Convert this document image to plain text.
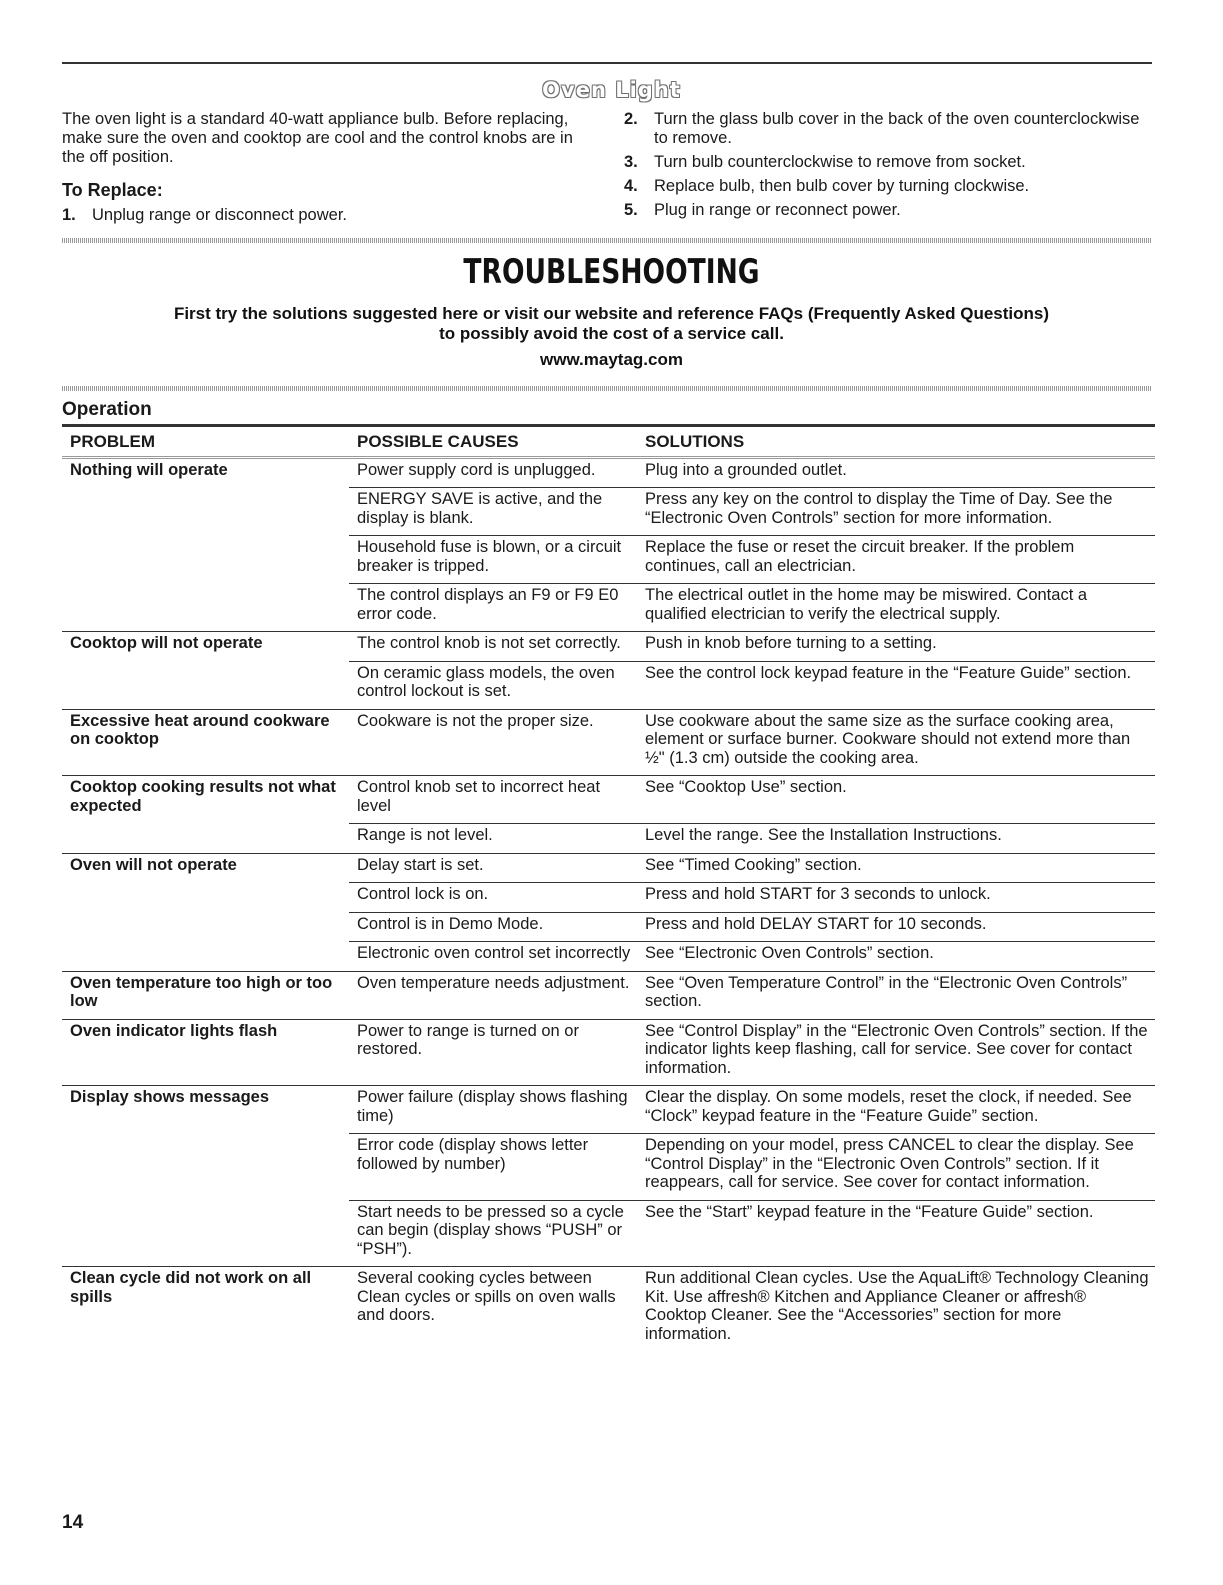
Oven Light

The oven light is a standard 40-watt appliance bulb. Before replacing, make sure the oven and cooktop are cool and the control knobs are in the off position.

To Replace:
1. Unplug range or disconnect power.
2. Turn the glass bulb cover in the back of the oven counterclockwise to remove.
3. Turn bulb counterclockwise to remove from socket.
4. Replace bulb, then bulb cover by turning clockwise.
5. Plug in range or reconnect power.
TROUBLESHOOTING
First try the solutions suggested here or visit our website and reference FAQs (Frequently Asked Questions)
to possibly avoid the cost of a service call.
www.maytag.com
Operation
PROBLEM	POSSIBLE CAUSES	SOLUTIONS
Nothing will operate	Power supply cord is unplugged.	Plug into a grounded outlet.
	ENERGY SAVE is active, and the display is blank.	Press any key on the control to display the Time of Day. See the “Electronic Oven Controls” section for more information.
	Household fuse is blown, or a circuit breaker is tripped.	Replace the fuse or reset the circuit breaker. If the problem continues, call an electrician.
	The control displays an F9 or F9 E0 error code.	The electrical outlet in the home may be miswired. Contact a qualified electrician to verify the electrical supply.
Cooktop will not operate	The control knob is not set correctly.	Push in knob before turning to a setting.
	On ceramic glass models, the oven control lockout is set.	See the control lock keypad feature in the “Feature Guide” section.
Excessive heat around cookware on cooktop	Cookware is not the proper size.	Use cookware about the same size as the surface cooking area, element or surface burner. Cookware should not extend more than ½" (1.3 cm) outside the cooking area.
Cooktop cooking results not what expected	Control knob set to incorrect heat level	See “Cooktop Use” section.
	Range is not level.	Level the range. See the Installation Instructions.
Oven will not operate	Delay start is set.	See “Timed Cooking” section.
	Control lock is on.	Press and hold START for 3 seconds to unlock.
	Control is in Demo Mode.	Press and hold DELAY START for 10 seconds.
	Electronic oven control set incorrectly	See “Electronic Oven Controls” section.
Oven temperature too high or too low	Oven temperature needs adjustment.	See “Oven Temperature Control” in the “Electronic Oven Controls” section.
Oven indicator lights flash	Power to range is turned on or restored.	See “Control Display” in the “Electronic Oven Controls” section. If the indicator lights keep flashing, call for service. See cover for contact information.
Display shows messages	Power failure (display shows flashing time)	Clear the display. On some models, reset the clock, if needed. See “Clock” keypad feature in the “Feature Guide” section.
	Error code (display shows letter followed by number)	Depending on your model, press CANCEL to clear the display. See “Control Display” in the “Electronic Oven Controls” section. If it reappears, call for service. See cover for contact information.
	Start needs to be pressed so a cycle can begin (display shows “PUSH” or “PSH”).	See the “Start” keypad feature in the “Feature Guide” section.
Clean cycle did not work on all spills	Several cooking cycles between Clean cycles or spills on oven walls and doors.	Run additional Clean cycles. Use the AquaLift® Technology Cleaning Kit. Use affresh® Kitchen and Appliance Cleaner or affresh® Cooktop Cleaner. See the “Accessories” section for more information.
14
